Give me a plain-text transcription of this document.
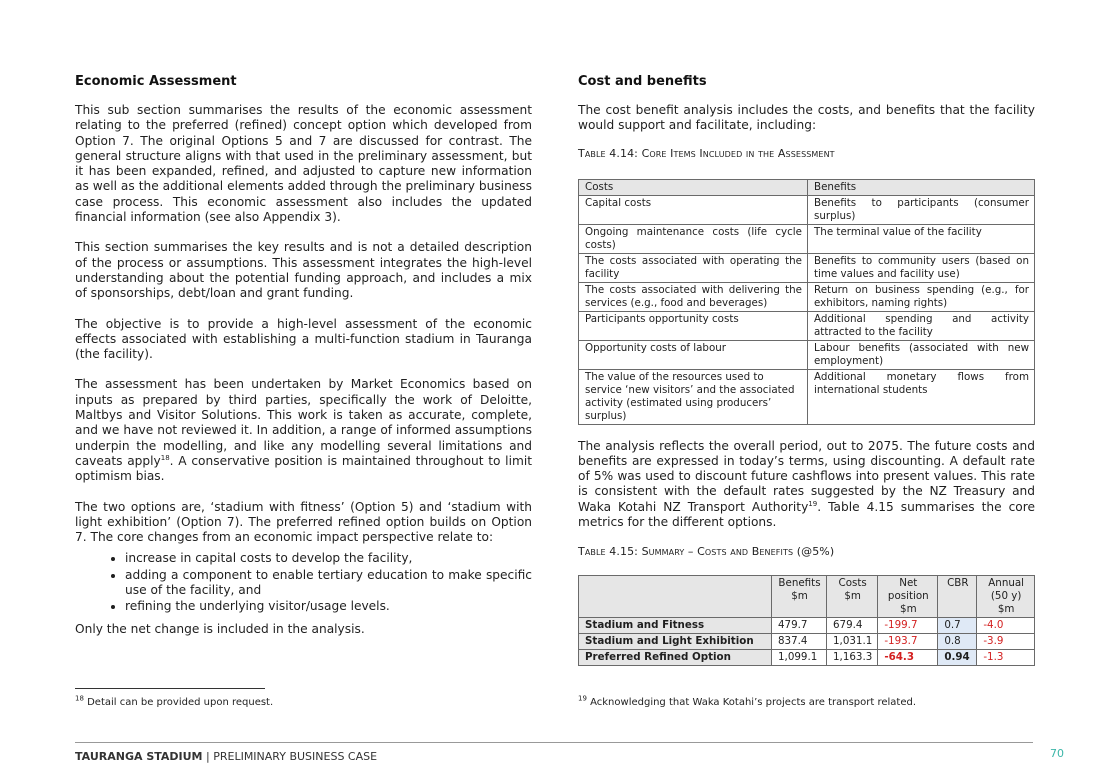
Economic Assessment

This sub section summarises the results of the economic assessment relating to the preferred (refined) concept option which developed from Option 7. The original Options 5 and 7 are discussed for contrast. The general structure aligns with that used in the preliminary assessment, but it has been expanded, refined, and adjusted to capture new information as well as the additional elements added through the preliminary business case process. This economic assessment also includes the updated financial information (see also Appendix 3).

This section summarises the key results and is not a detailed description of the process or assumptions. This assessment integrates the high-level understanding about the potential funding approach, and includes a mix of sponsorships, debt/loan and grant funding.

The objective is to provide a high-level assessment of the economic effects associated with establishing a multi-function stadium in Tauranga (the facility).

The assessment has been undertaken by Market Economics based on inputs as prepared by third parties, specifically the work of Deloitte, Maltbys and Visitor Solutions. This work is taken as accurate, complete, and we have not reviewed it. In addition, a range of informed assumptions underpin the modelling, and like any modelling several limitations and caveats apply$^{18}$. A conservative position is maintained throughout to limit optimism bias.

The two options are, ‘stadium with fitness’ (Option 5) and ‘stadium with light exhibition’ (Option 7). The preferred refined option builds on Option 7. The core changes from an economic impact perspective relate to:

• increase in capital costs to develop the facility,
• adding a component to enable tertiary education to make specific use of the facility, and
• refining the underlying visitor/usage levels.

Only the net change is included in the analysis.

Cost and benefits

The cost benefit analysis includes the costs, and benefits that the facility would support and facilitate, including:

Table 4.14: Core Items Included in the Assessment
Costs	Benefits
Capital costs	Benefits to participants (consumer surplus)
Ongoing maintenance costs (life cycle costs)	The terminal value of the facility
The costs associated with operating the facility	Benefits to community users (based on time values and facility use)
The costs associated with delivering the services (e.g., food and beverages)	Return on business spending (e.g., for exhibitors, naming rights)
Participants opportunity costs	Additional spending and activity attracted to the facility
Opportunity costs of labour	Labour benefits (associated with new employment)
The value of the resources used to service ‘new visitors’ and the associated activity (estimated using producers’ surplus)	Additional monetary flows from international students

The analysis reflects the overall period, out to 2075. The future costs and benefits are expressed in today’s terms, using discounting. A default rate of 5% was used to discount future cashflows into present values. This rate is consistent with the default rates suggested by the NZ Treasury and Waka Kotahi NZ Transport Authority$^{19}$. Table 4.15 summarises the core metrics for the different options.

Table 4.15: Summary – Costs and Benefits (@5%)
	Benefits $m	Costs $m	Net position $m	CBR	Annual (50 y) $m
Stadium and Fitness	479.7	679.4	-199.7	0.7	-4.0
Stadium and Light Exhibition	837.4	1,031.1	-193.7	0.8	-3.9
Preferred Refined Option	1,099.1	1,163.3	-64.3	0.94	-1.3
$^{18}$ Detail can be provided upon request.	$^{19}$ Acknowledging that Waka Kotahi’s projects are transport related.
TAURANGA STADIUM | PRELIMINARY BUSINESS CASE	70
